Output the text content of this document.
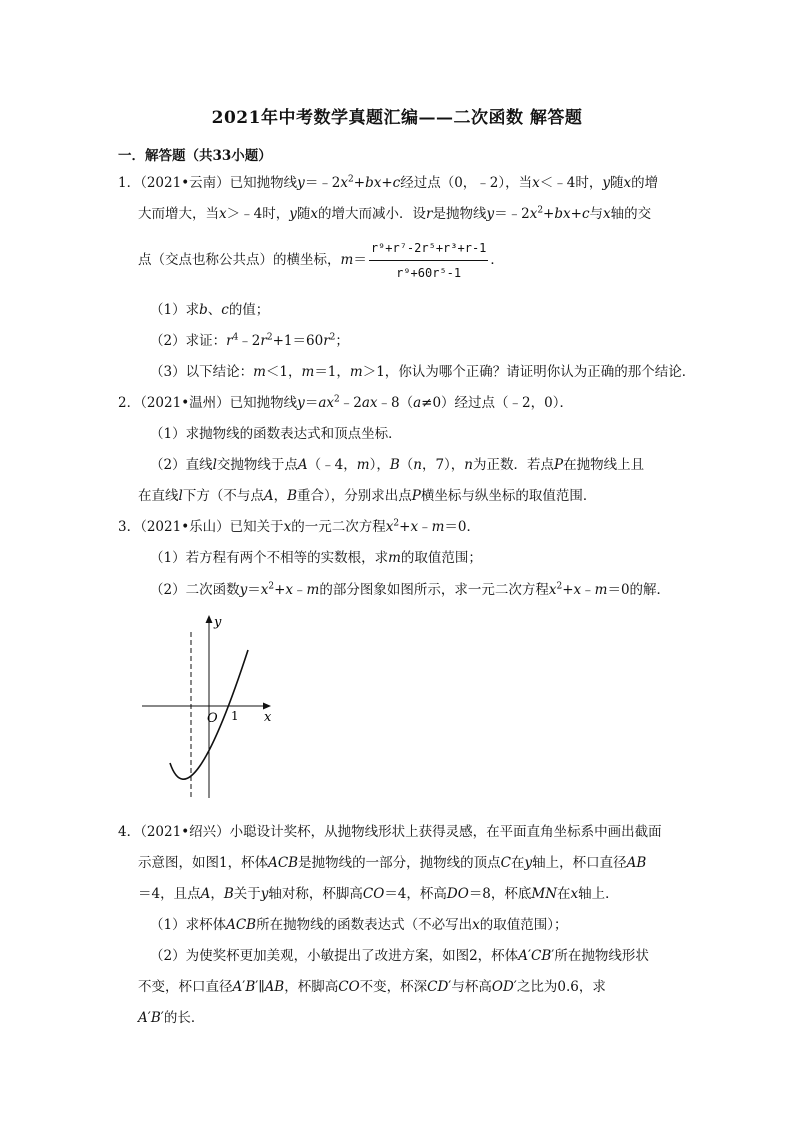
2021年中考数学真题汇编——二次函数 解答题
一．解答题（共33小题）
1．（2021•云南）已知抛物线$y=﹣2x^2+bx+c$经过点（0，﹣2），当x＜﹣4时，y随x的增
大而增大，当x＞﹣4时，y随x的增大而减小．设r是抛物线$y=﹣2x^2+bx+c$与x轴的交
点（交点也称公共点）的横坐标，$m= \frac{\text{r⁹+r⁷-2r⁵+r³+r-1}}{\text{r⁹+60r⁵-1}}$ ．
（1）求b、c的值；
（2）求证：$r^4﹣2r^2+1=60r^2$；
（3）以下结论：m＜1，m＝1，m＞1，你认为哪个正确？请证明你认为正确的那个结论．
2．（2021•温州）已知抛物线$y=ax^2﹣2ax﹣8(a\ne 0)$经过点（﹣2，0）．
（1）求抛物线的函数表达式和顶点坐标．
（2）直线l交抛物线于点A（﹣4，m），B（n，7），n为正数．若点P在抛物线上且
在直线l下方（不与点A，B重合），分别求出点P横坐标与纵坐标的取值范围．
3．（2021•乐山）已知关于x的一元二次方程$x^2+x﹣m=0$．
（1）若方程有两个不相等的实数根，求m的取值范围；
（2）二次函数$y=x^2+x﹣m$的部分图象如图所示，求一元二次方程$x^2+x﹣m=0$的解．
y
x
O 1
4．（2021•绍兴）小聪设计奖杯，从抛物线形状上获得灵感，在平面直角坐标系中画出截面
示意图，如图1，杯体ACB是抛物线的一部分，抛物线的顶点C在y轴上，杯口直径AB
＝4，且点A，B关于y轴对称，杯脚高CO＝4，杯高DO＝8，杯底MN在x轴上．
（1）求杯体ACB所在抛物线的函数表达式（不必写出x的取值范围）；
（2）为使奖杯更加美观，小敏提出了改进方案，如图2，杯体A′CB′所在抛物线形状
不变，杯口直径A′B′∥AB，杯脚高CO不变，杯深CD′与杯高OD′之比为0.6，求
A′B′的长．
